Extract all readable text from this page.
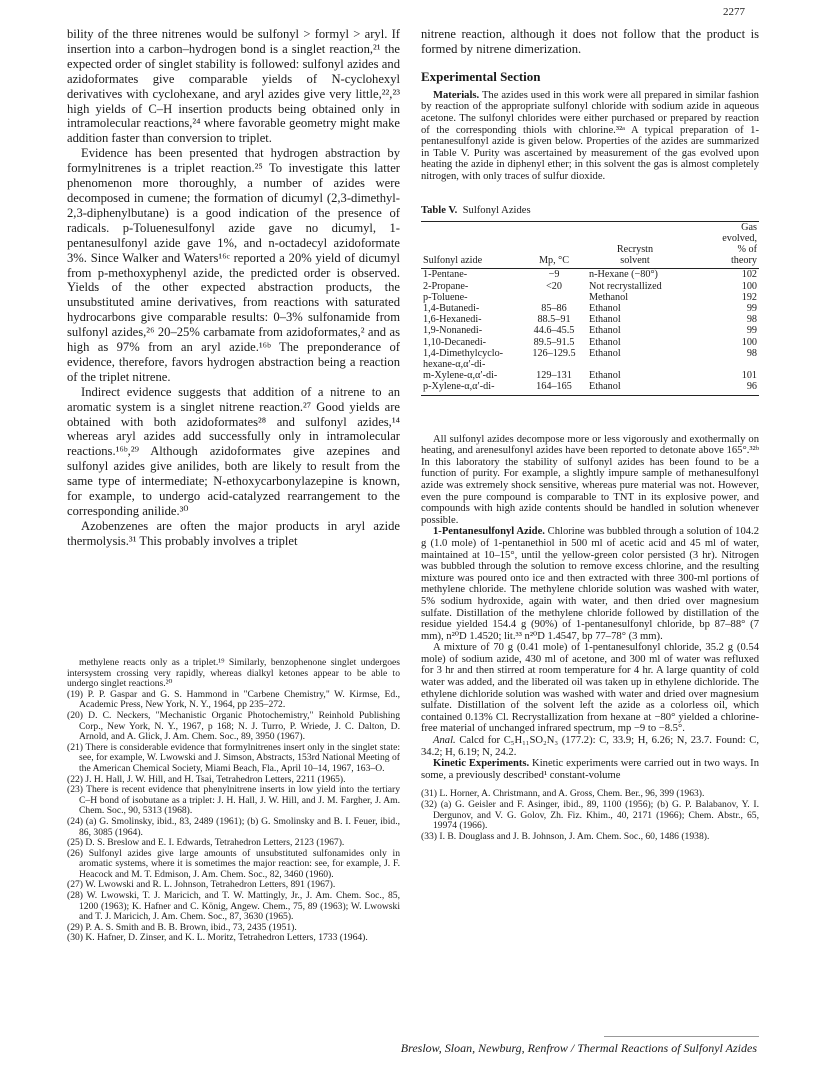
2277

bility of the three nitrenes would be sulfonyl > formyl > aryl. If insertion into a carbon–hydrogen bond is a singlet reaction,²¹ the expected order of singlet stability is followed: sulfonyl azides and azidoformates give comparable yields of N-cyclohexyl derivatives with cyclohexane, and aryl azides give very little,²²,²³ high yields of C–H insertion products being obtained only in intramolecular reactions,²⁴ where favorable geometry might make addition faster than conversion to triplet.

Evidence has been presented that hydrogen abstraction by formylnitrenes is a triplet reaction.²⁵ To investigate this latter phenomenon more thoroughly, a number of azides were decomposed in cumene; the formation of dicumyl (2,3-dimethyl-2,3-diphenylbutane) is a good indication of the presence of radicals. p-Toluenesulfonyl azide gave no dicumyl, 1-pentanesulfonyl azide gave 1%, and n-octadecyl azidoformate 3%. Since Walker and Waters¹⁶ᶜ reported a 20% yield of dicumyl from p-methoxyphenyl azide, the predicted order is observed. Yields of the other expected abstraction products, the unsubstituted amine derivatives, from reactions with saturated hydrocarbons give comparable results: 0–3% sulfonamide from sulfonyl azides,²⁶ 20–25% carbamate from azidoformates,² and as high as 97% from an aryl azide.¹⁶ᵇ The preponderance of evidence, therefore, favors hydrogen abstraction being a reaction of the triplet nitrene.

Indirect evidence suggests that addition of a nitrene to an aromatic system is a singlet nitrene reaction.²⁷ Good yields are obtained with both azidoformates²⁸ and sulfonyl azides,¹⁴ whereas aryl azides add successfully only in intramolecular reactions.¹⁶ᵇ,²⁹ Although azidoformates give azepines and sulfonyl azides give anilides, both are likely to result from the same type of intermediate; N-ethoxycarbonylazepine is known, for example, to undergo acid-catalyzed rearrangement to the corresponding anilide.³⁰

Azobenzenes are often the major products in aryl azide thermolysis.³¹ This probably involves a triplet

methylene reacts only as a triplet.¹⁹ Similarly, benzophenone singlet undergoes intersystem crossing very rapidly, whereas dialkyl ketones appear to be able to undergo singlet reactions.²⁰

(19) P. P. Gaspar and G. S. Hammond in "Carbene Chemistry," W. Kirmse, Ed., Academic Press, New York, N. Y., 1964, pp 235–272.

(20) D. C. Neckers, "Mechanistic Organic Photochemistry," Reinhold Publishing Corp., New York, N. Y., 1967, p 168; N. J. Turro, P. Wriede, J. C. Dalton, D. Arnold, and A. Glick, J. Am. Chem. Soc., 89, 3950 (1967).

(21) There is considerable evidence that formylnitrenes insert only in the singlet state: see, for example, W. Lwowski and J. Simson, Abstracts, 153rd National Meeting of the American Chemical Society, Miami Beach, Fla., April 10–14, 1967, 163–O.

(22) J. H. Hall, J. W. Hill, and H. Tsai, Tetrahedron Letters, 2211 (1965).

(23) There is recent evidence that phenylnitrene inserts in low yield into the tertiary C–H bond of isobutane as a triplet: J. H. Hall, J. W. Hill, and J. M. Fargher, J. Am. Chem. Soc., 90, 5313 (1968).

(24) (a) G. Smolinsky, ibid., 83, 2489 (1961); (b) G. Smolinsky and B. I. Feuer, ibid., 86, 3085 (1964).

(25) D. S. Breslow and E. I. Edwards, Tetrahedron Letters, 2123 (1967).

(26) Sulfonyl azides give large amounts of unsubstituted sulfonamides only in aromatic systems, where it is sometimes the major reaction: see, for example, J. F. Heacock and M. T. Edmison, J. Am. Chem. Soc., 82, 3460 (1960).

(27) W. Lwowski and R. L. Johnson, Tetrahedron Letters, 891 (1967).

(28) W. Lwowski, T. J. Maricich, and T. W. Mattingly, Jr., J. Am. Chem. Soc., 85, 1200 (1963); K. Hafner and C. König, Angew. Chem., 75, 89 (1963); W. Lwowski and T. J. Maricich, J. Am. Chem. Soc., 87, 3630 (1965).

(29) P. A. S. Smith and B. B. Brown, ibid., 73, 2435 (1951).

(30) K. Hafner, D. Zinser, and K. L. Moritz, Tetrahedron Letters, 1733 (1964).

nitrene reaction, although it does not follow that the product is formed by nitrene dimerization.

Experimental Section

Materials. The azides used in this work were all prepared in similar fashion by reaction of the appropriate sulfonyl chloride with sodium azide in aqueous acetone. The sulfonyl chlorides were either purchased or prepared by reaction of the corresponding thiols with chlorine.³²ᵃ A typical preparation of 1-pentanesulfonyl azide is given below. Properties of the azides are summarized in Table V. Purity was ascertained by measurement of the gas evolved upon heating the azide in diphenyl ether; in this solvent the gas is almost completely nitrogen, with only traces of sulfur dioxide.

Table V. Sulfonyl Azides
Sulfonyl azide	Mp, °C	Recrystn
solvent	Gas
evolved,
% of
theory
1-Pentane-	−9	n-Hexane (−80°)	102
2-Propane-	<20	Not recrystallized	100
p-Toluene-		Methanol	192
1,4-Butanedi-	85–86	Ethanol	99
1,6-Hexanedi-	88.5–91	Ethanol	98
1,9-Nonanedi-	44.6–45.5	Ethanol	99
1,10-Decanedi-	89.5–91.5	Ethanol	100
1,4-Dimethylcyclo-	126–129.5	Ethanol	98
hexane-α,α′-di-			
m-Xylene-α,α′-di-	129–131	Ethanol	101
p-Xylene-α,α′-di-	164–165	Ethanol	96

All sulfonyl azides decompose more or less vigorously and exothermally on heating, and arenesulfonyl azides have been reported to detonate above 165°.³²ᵇ In this laboratory the stability of sulfonyl azides has been found to be a function of purity. For example, a slightly impure sample of methanesulfonyl azide was extremely shock sensitive, whereas pure material was not. However, even the pure compound is comparable to TNT in its explosive power, and compounds with high azide contents should be handled in solution whenever possible.

1-Pentanesulfonyl Azide. Chlorine was bubbled through a solution of 104.2 g (1.0 mole) of 1-pentanethiol in 500 ml of acetic acid and 45 ml of water, maintained at 10–15°, until the yellow-green color persisted (3 hr). Nitrogen was bubbled through the solution to remove excess chlorine, and the resulting mixture was poured onto ice and then extracted with three 300-ml portions of methylene chloride. The methylene chloride solution was washed with water, 5% sodium hydroxide, again with water, and then dried over magnesium sulfate. Distillation of the methylene chloride followed by distillation of the residue yielded 154.4 g (90%) of 1-pentanesulfonyl chloride, bp 87–88° (7 mm), n²⁰D 1.4520; lit.³³ n²⁰D 1.4547, bp 77–78° (3 mm).

A mixture of 70 g (0.41 mole) of 1-pentanesulfonyl chloride, 35.2 g (0.54 mole) of sodium azide, 430 ml of acetone, and 300 ml of water was refluxed for 3 hr and then stirred at room temperature for 4 hr. A large quantity of cold water was added, and the liberated oil was taken up in ethylene dichloride. The ethylene dichloride solution was washed with water and dried over magnesium sulfate. Distillation of the solvent left the azide as a colorless oil, which contained 0.13% Cl. Recrystallization from hexane at −80° yielded a chlorine-free material of unchanged infrared spectrum, mp −9 to −8.5°.

Anal. Calcd for C₅H₁₁SO₂N₃ (177.2): C, 33.9; H, 6.26; N, 23.7. Found: C, 34.2; H, 6.19; N, 24.2.

Kinetic Experiments. Kinetic experiments were carried out in two ways. In some, a previously described¹ constant-volume

(31) L. Horner, A. Christmann, and A. Gross, Chem. Ber., 96, 399 (1963).

(32) (a) G. Geisler and F. Asinger, ibid., 89, 1100 (1956); (b) G. P. Balabanov, Y. I. Dergunov, and V. G. Golov, Zh. Fiz. Khim., 40, 2171 (1966); Chem. Abstr., 65, 19974 (1966).

(33) I. B. Douglass and J. B. Johnson, J. Am. Chem. Soc., 60, 1486 (1938).

Breslow, Sloan, Newburg, Renfrow / Thermal Reactions of Sulfonyl Azides
